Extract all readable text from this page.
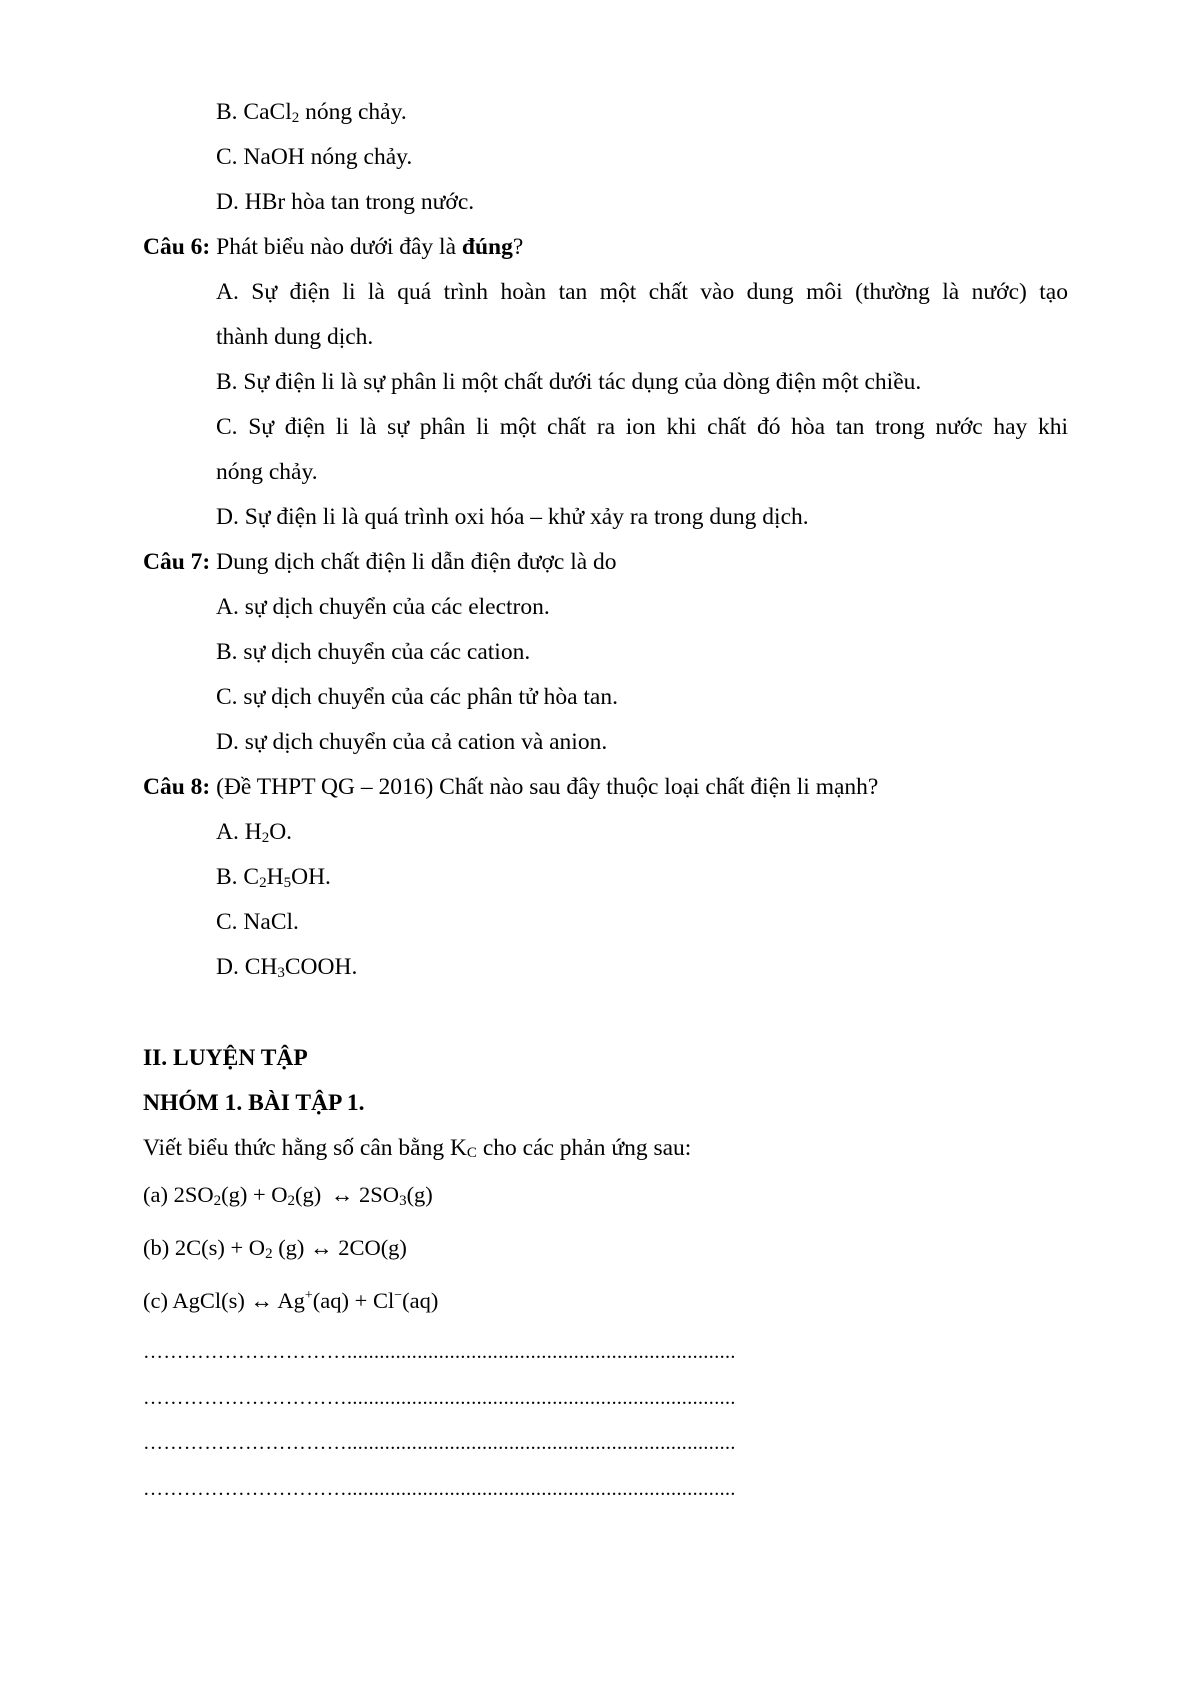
B. CaCl$_2$ nóng chảy.
C. NaOH nóng chảy.
D. HBr hòa tan trong nước.
Câu 6: Phát biểu nào dưới đây là đúng?
A. Sự điện li là quá trình hoàn tan một chất vào dung môi (thường là nước) tạo
thành dung dịch.
B. Sự điện li là sự phân li một chất dưới tác dụng của dòng điện một chiều.
C. Sự điện li là sự phân li một chất ra ion khi chất đó hòa tan trong nước hay khi
nóng chảy.
D. Sự điện li là quá trình oxi hóa – khử xảy ra trong dung dịch.
Câu 7: Dung dịch chất điện li dẫn điện được là do
A. sự dịch chuyển của các electron.
B. sự dịch chuyển của các cation.
C. sự dịch chuyển của các phân tử hòa tan.
D. sự dịch chuyển của cả cation và anion.
Câu 8: (Đề THPT QG – 2016) Chất nào sau đây thuộc loại chất điện li mạnh?
A. $H_2O$.
B. $C_2H_5OH$.
C. NaCl.
D. $CH_3COOH$.
II. LUYỆN TẬP
NHÓM 1. BÀI TẬP 1.
Viết biểu thức hằng số cân bằng $K_C$ cho các phản ứng sau:
(a) $2SO_2(g) + O_2(g)$ ↔ $2SO_3(g)$
(b) $2C(s) + O_2$ (g) ↔ 2CO(g)
(c) AgCl(s) ↔ Ag+(aq) + Cl−(aq)
…………………………........................................................................
…………………………........................................................................
…………………………........................................................................
…………………………........................................................................
